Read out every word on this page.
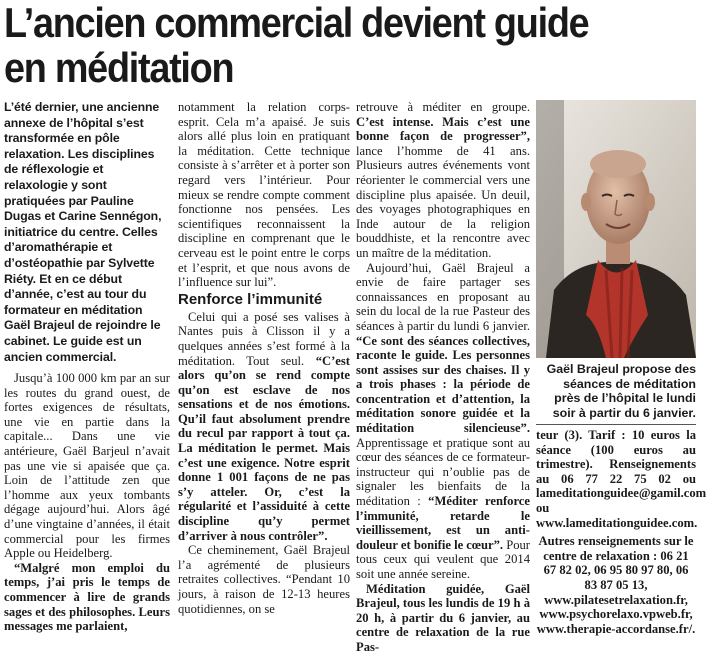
L’ancien commercial devient guide
en méditation

L’été dernier, une ancienne annexe de l’hôpital s’est transformée en pôle relaxation. Les disciplines de réflexologie et relaxologie y sont pratiquées par Pauline Dugas et Carine Sennégon, initiatrice du centre. Celles d’aromathérapie et d’ostéopathie par Sylvette Riéty. Et en ce début d’année, c’est au tour du formateur en méditation Gaël Brajeul de rejoindre le cabinet. Le guide est un ancien commercial.

Jusqu’à 100 000 km par an sur les routes du grand ouest, de fortes exigences de résultats, une vie en partie dans la capitale... Dans une vie antérieure, Gaël Barjeul n’avait pas une vie si apaisée que ça. Loin de l’attitude zen que l’homme aux yeux tombants dégage aujourd’hui. Alors âgé d’une vingtaine d’années, il était commercial pour les firmes Apple ou Heidelberg.

“Malgré mon emploi du temps, j’ai pris le temps de commencer à lire de grands sages et des philosophes. Leurs messages me parlaient,

notamment la relation corps-esprit. Cela m’a apaisé. Je suis alors allé plus loin en pratiquant la méditation. Cette technique consiste à s’arrêter et à porter son regard vers l’intérieur. Pour mieux se rendre compte comment fonctionne nos pensées. Les scientifiques reconnaissent la discipline en comprenant que le cerveau est le point entre le corps et l’esprit, et que nous avons de l’influence sur lui”.

Renforce l’immunité

Celui qui a posé ses valises à Nantes puis à Clisson il y a quelques années s’est formé à la méditation. Tout seul. “C’est alors qu’on se rend compte qu’on est esclave de nos sensations et de nos émotions. Qu’il faut absolument prendre du recul par rapport à tout ça. La méditation le permet. Mais c’est une exigence. Notre esprit donne 1 001 façons de ne pas s’y atteler. Or, c’est la régularité et l’assiduité à cette discipline qu’y permet d’arriver à nous contrôler”.

Ce cheminement, Gaël Brajeul l’a agrémenté de plusieurs retraites collectives. “Pendant 10 jours, à raison de 12-13 heures quotidiennes, on se

retrouve à méditer en groupe. C’est intense. Mais c’est une bonne façon de progresser”, lance l’homme de 41 ans. Plusieurs autres événements vont réorienter le commercial vers une discipline plus apaisée. Un deuil, des voyages photographiques en Inde autour de la religion bouddhiste, et la rencontre avec un maître de la méditation.

Aujourd’hui, Gaël Brajeul a envie de faire partager ses connaissances en proposant au sein du local de la rue Pasteur des séances à partir du lundi 6 janvier. “Ce sont des séances collectives, raconte le guide. Les personnes sont assises sur des chaises. Il y a trois phases : la période de concentration et d’attention, la méditation sonore guidée et la méditation silencieuse”. Apprentissage et pratique sont au cœur des séances de ce formateur-instructeur qui n’oublie pas de signaler les bienfaits de la méditation : “Méditer renforce l’immunité, retarde le vieillissement, est un anti-douleur et bonifie le cœur”. Pour tous ceux qui veulent que 2014 soit une année sereine.

Méditation guidée, Gaël Brajeul, tous les lundis de 19 h à 20 h, à partir du 6 janvier, au centre de relaxation de la rue Pas-

Gaël Brajeul propose des séances de méditation près de l’hôpital le lundi soir à partir du 6 janvier.

teur (3). Tarif : 10 euros la séance (100 euros au trimestre). Renseignements au 06 77 22 75 02 ou lameditationguidee@gamil.com ou www.lameditationguidee.com.

Autres renseignements sur le centre de relaxation : 06 21 67 82 02, 06 95 80 97 80, 06 83 87 05 13, www.pilatesetrelaxation.fr, www.psychorelaxo.vpweb.fr, www.therapie-accordanse.fr/.
